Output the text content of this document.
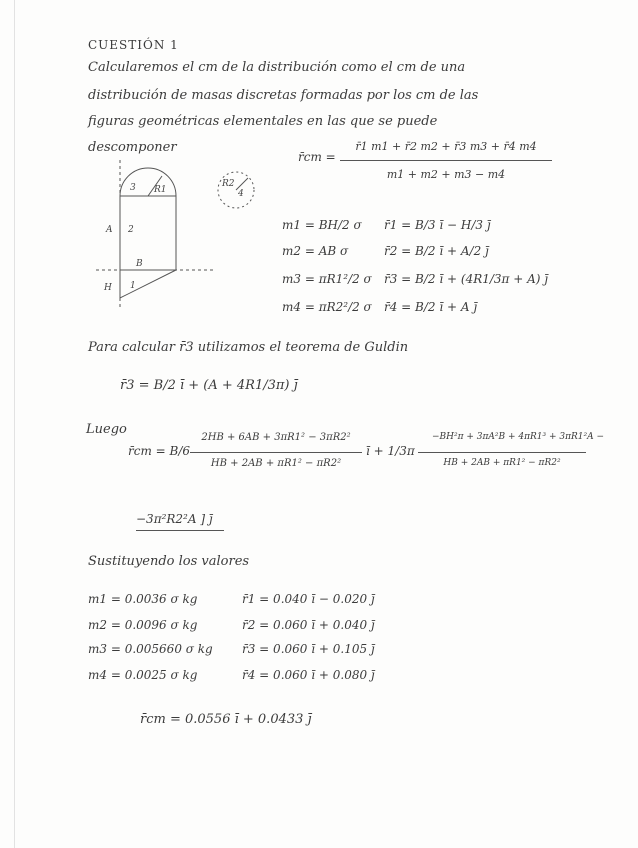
CUESTIÓN 1
Calcularemos el cm de la distribución como el cm de una
distribución de masas discretas formadas por los cm de las
figuras geométricas elementales en las que se puede
descomponer
3 R1
A 2
B
H 1
R2
4
r̄cm =
r̄1 m1 + r̄2 m2 + r̄3 m3 + r̄4 m4
m1 + m2 + m3 − m4
m1 = BH/2 σ r̄1 = B/3 ī − H/3 j̄
m2 = AB σ	r̄2 = B/2 ī + A/2 j̄
m3 = πR1²/2 σ r̄3 = B/2 ī + (4R1/3π + A) j̄
m4 = πR2²/2 σ r̄4 = B/2 ī + A j̄
Para calcular r̄3 utilizamos el teorema de Guldin
r̄3 = B/2 ī + (A + 4R1/3π) j̄
Luego
r̄cm = B/6
2HB + 6AB + 3πR1² − 3πR2²
HB + 2AB + πR1² − πR2²
ī + 1/3π
−BH²π + 3πA²B + 4πR1³ + 3πR1²A −
HB + 2AB + πR1² − πR2²
−3π²R2²A ] j̄
Sustituyendo los valores
m1 = 0.0036 σ kg	r̄1 = 0.040 ī − 0.020 j̄
m2 = 0.0096 σ kg	r̄2 = 0.060 ī + 0.040 j̄
m3 = 0.005660 σ kg r̄3 = 0.060 ī + 0.105 j̄
m4 = 0.0025 σ kg	r̄4 = 0.060 ī + 0.080 j̄
r̄cm = 0.0556 ī + 0.0433 j̄
